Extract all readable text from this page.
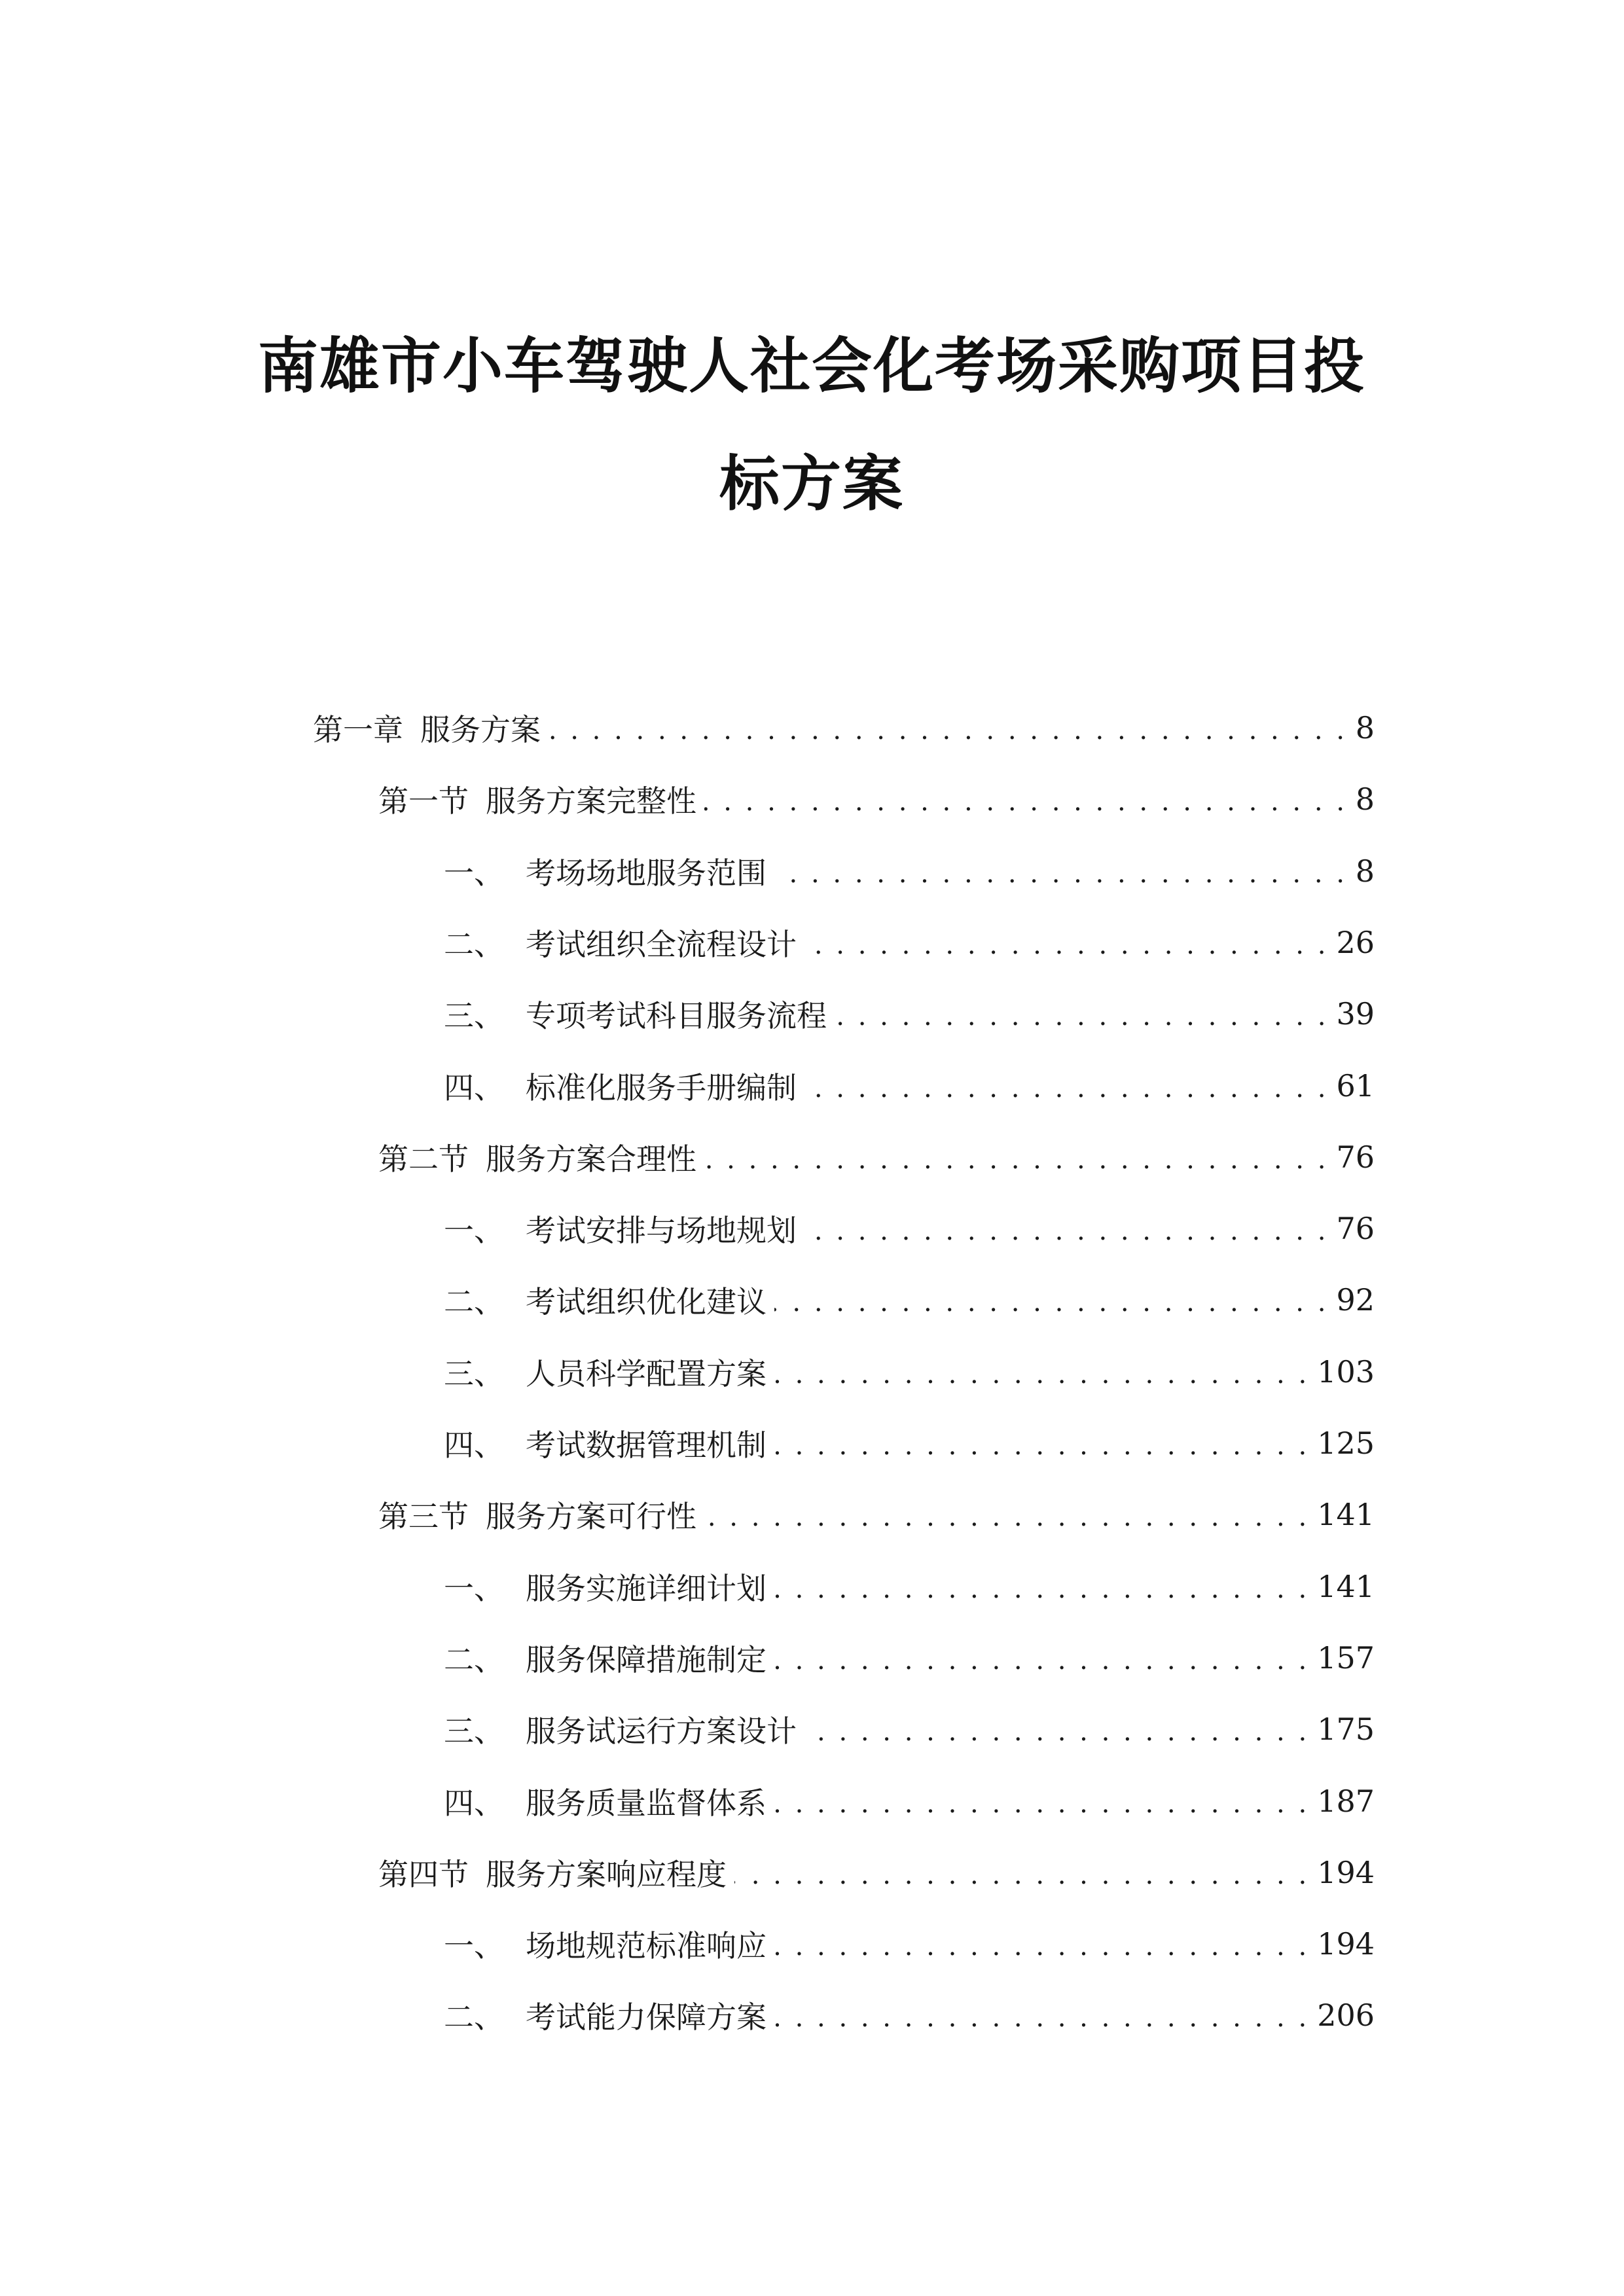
南雄市小车驾驶人社会化考场采购项目投
标方案
第一章 服务方案 . . .	8
第一节 服务方案完整性 . . .	8
一、 考场场地服务范围 . . .	8
二、 考试组织全流程设计 . . .	26
三、 专项考试科目服务流程 . . .	39
四、 标准化服务手册编制 . . .	61
第二节 服务方案合理性 . . .	76
一、 考试安排与场地规划 . . .	76
二、 考试组织优化建议 . . .	92
三、 人员科学配置方案 . . .	103
四、 考试数据管理机制 . . .	125
第三节 服务方案可行性 . . .	141
一、 服务实施详细计划 . . .	141
二、 服务保障措施制定 . . .	157
三、 服务试运行方案设计 . . .	175
四、 服务质量监督体系 . . .	187
第四节 服务方案响应程度 . . .	194
一、 场地规范标准响应 . . .	194
二、 考试能力保障方案 . . .	206
